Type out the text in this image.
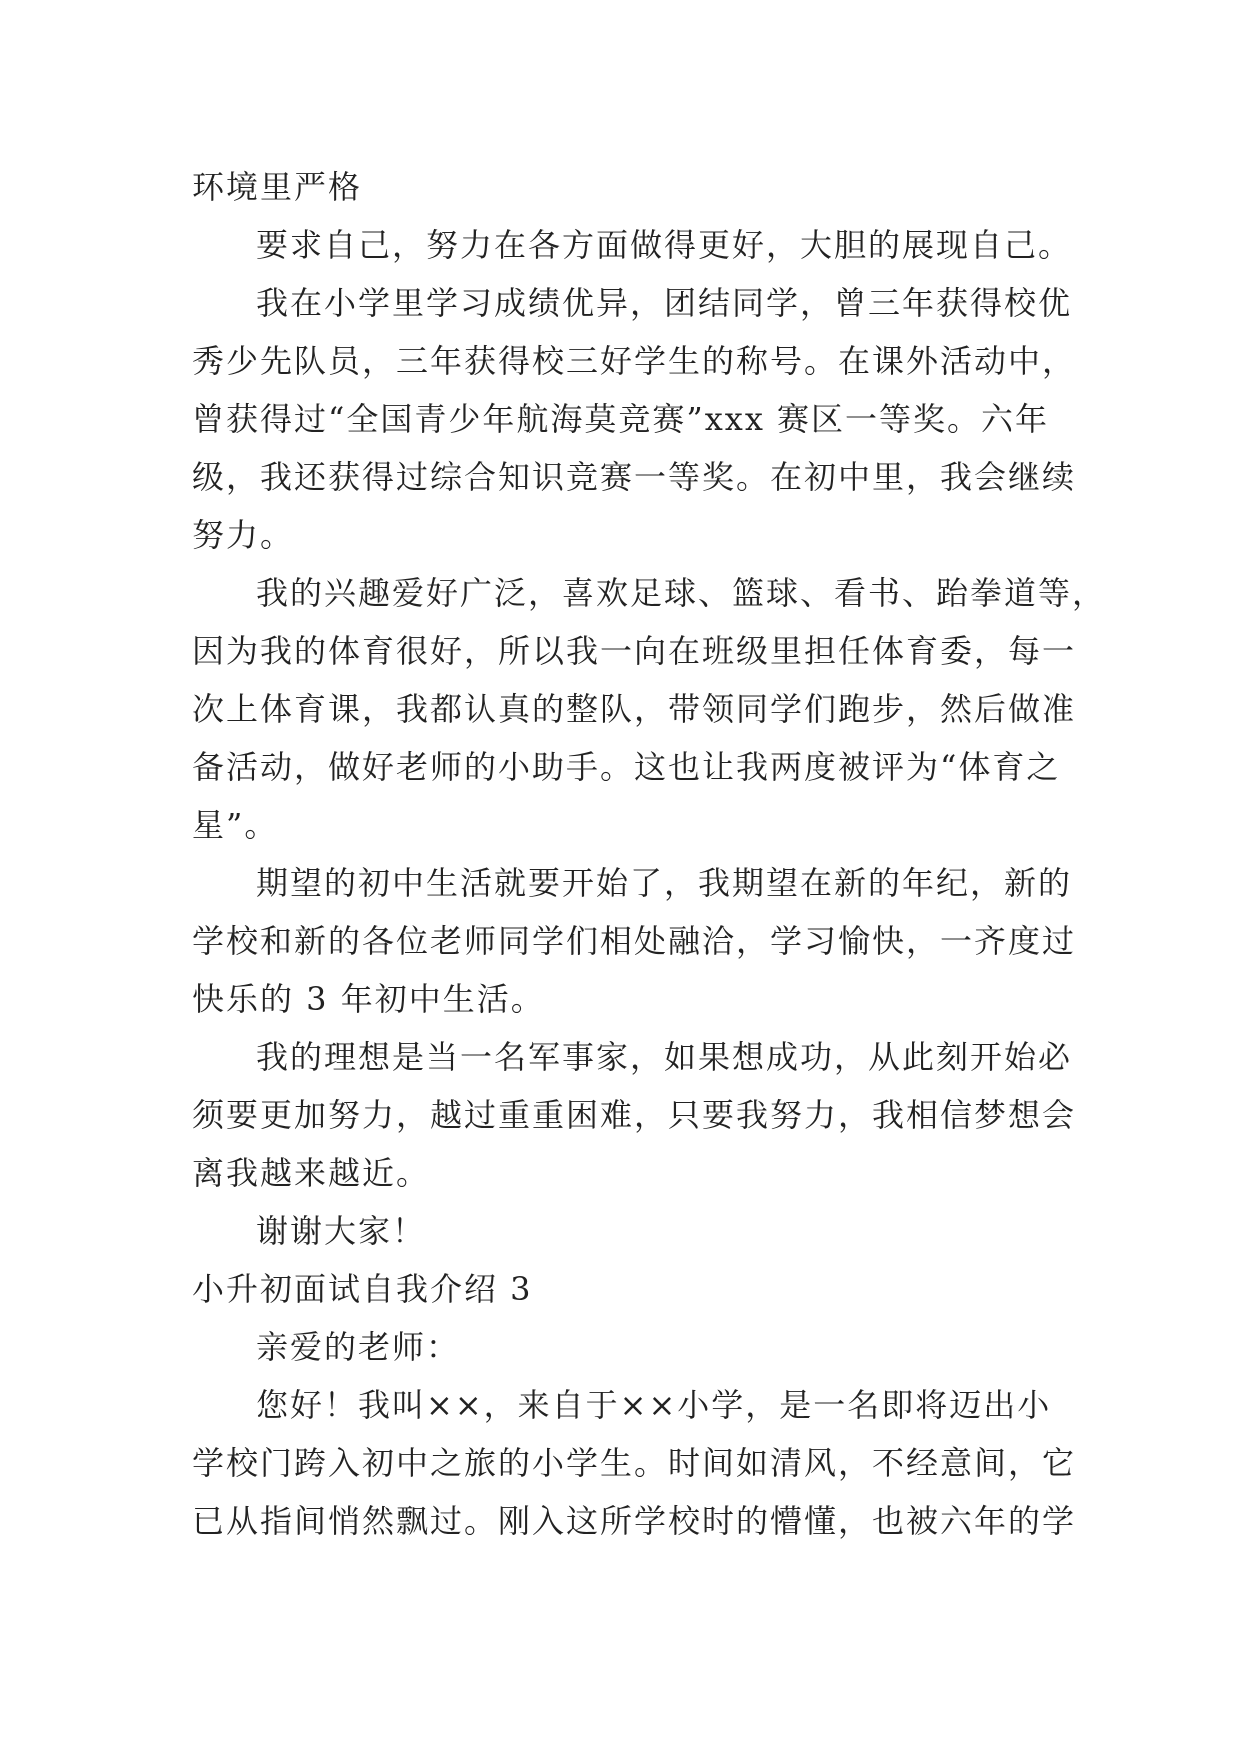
环境里严格
要求自己，努力在各方面做得更好，大胆的展现自己。
我在小学里学习成绩优异，团结同学，曾三年获得校优
秀少先队员，三年获得校三好学生的称号。在课外活动中，
曾获得过“全国青少年航海莫竞赛”xxx 赛区一等奖。六年
级，我还获得过综合知识竞赛一等奖。在初中里，我会继续
努力。
我的兴趣爱好广泛，喜欢足球、篮球、看书、跆拳道等，
因为我的体育很好，所以我一向在班级里担任体育委，每一
次上体育课，我都认真的整队，带领同学们跑步，然后做准
备活动，做好老师的小助手。这也让我两度被评为“体育之
星”。
期望的初中生活就要开始了，我期望在新的年纪，新的
学校和新的各位老师同学们相处融洽，学习愉快，一齐度过
快乐的 3 年初中生活。
我的理想是当一名军事家，如果想成功，从此刻开始必
须要更加努力，越过重重困难，只要我努力，我相信梦想会
离我越来越近。
谢谢大家！
小升初面试自我介绍 3
亲爱的老师：
您好！我叫××，来自于××小学，是一名即将迈出小
学校门跨入初中之旅的小学生。时间如清风，不经意间，它
已从指间悄然飘过。刚入这所学校时的懵懂，也被六年的学
